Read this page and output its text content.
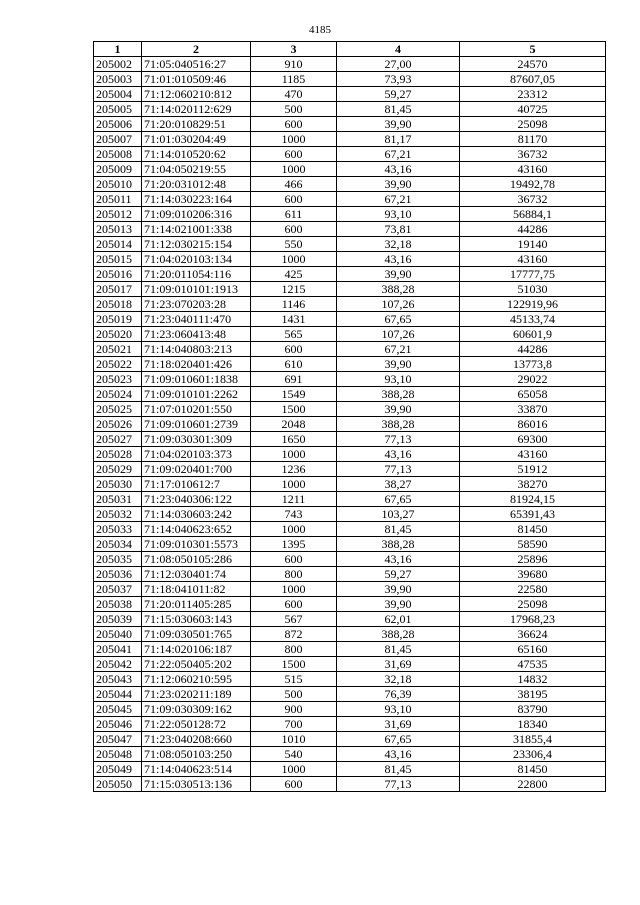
4185
1	2	3	4	5
205002	71:05:040516:27	910	27,00	24570
205003	71:01:010509:46	1185	73,93	87607,05
205004	71:12:060210:812	470	59,27	23312
205005	71:14:020112:629	500	81,45	40725
205006	71:20:010829:51	600	39,90	25098
205007	71:01:030204:49	1000	81,17	81170
205008	71:14:010520:62	600	67,21	36732
205009	71:04:050219:55	1000	43,16	43160
205010	71:20:031012:48	466	39,90	19492,78
205011	71:14:030223:164	600	67,21	36732
205012	71:09:010206:316	611	93,10	56884,1
205013	71:14:021001:338	600	73,81	44286
205014	71:12:030215:154	550	32,18	19140
205015	71:04:020103:134	1000	43,16	43160
205016	71:20:011054:116	425	39,90	17777,75
205017	71:09:010101:1913	1215	388,28	51030
205018	71:23:070203:28	1146	107,26	122919,96
205019	71:23:040111:470	1431	67,65	45133,74
205020	71:23:060413:48	565	107,26	60601,9
205021	71:14:040803:213	600	67,21	44286
205022	71:18:020401:426	610	39,90	13773,8
205023	71:09:010601:1838	691	93,10	29022
205024	71:09:010101:2262	1549	388,28	65058
205025	71:07:010201:550	1500	39,90	33870
205026	71:09:010601:2739	2048	388,28	86016
205027	71:09:030301:309	1650	77,13	69300
205028	71:04:020103:373	1000	43,16	43160
205029	71:09:020401:700	1236	77,13	51912
205030	71:17:010612:7	1000	38,27	38270
205031	71:23:040306:122	1211	67,65	81924,15
205032	71:14:030603:242	743	103,27	65391,43
205033	71:14:040623:652	1000	81,45	81450
205034	71:09:010301:5573	1395	388,28	58590
205035	71:08:050105:286	600	43,16	25896
205036	71:12:030401:74	800	59,27	39680
205037	71:18:041011:82	1000	39,90	22580
205038	71:20:011405:285	600	39,90	25098
205039	71:15:030603:143	567	62,01	17968,23
205040	71:09:030501:765	872	388,28	36624
205041	71:14:020106:187	800	81,45	65160
205042	71:22:050405:202	1500	31,69	47535
205043	71:12:060210:595	515	32,18	14832
205044	71:23:020211:189	500	76,39	38195
205045	71:09:030309:162	900	93,10	83790
205046	71:22:050128:72	700	31,69	18340
205047	71:23:040208:660	1010	67,65	31855,4
205048	71:08:050103:250	540	43,16	23306,4
205049	71:14:040623:514	1000	81,45	81450
205050	71:15:030513:136	600	77,13	22800
